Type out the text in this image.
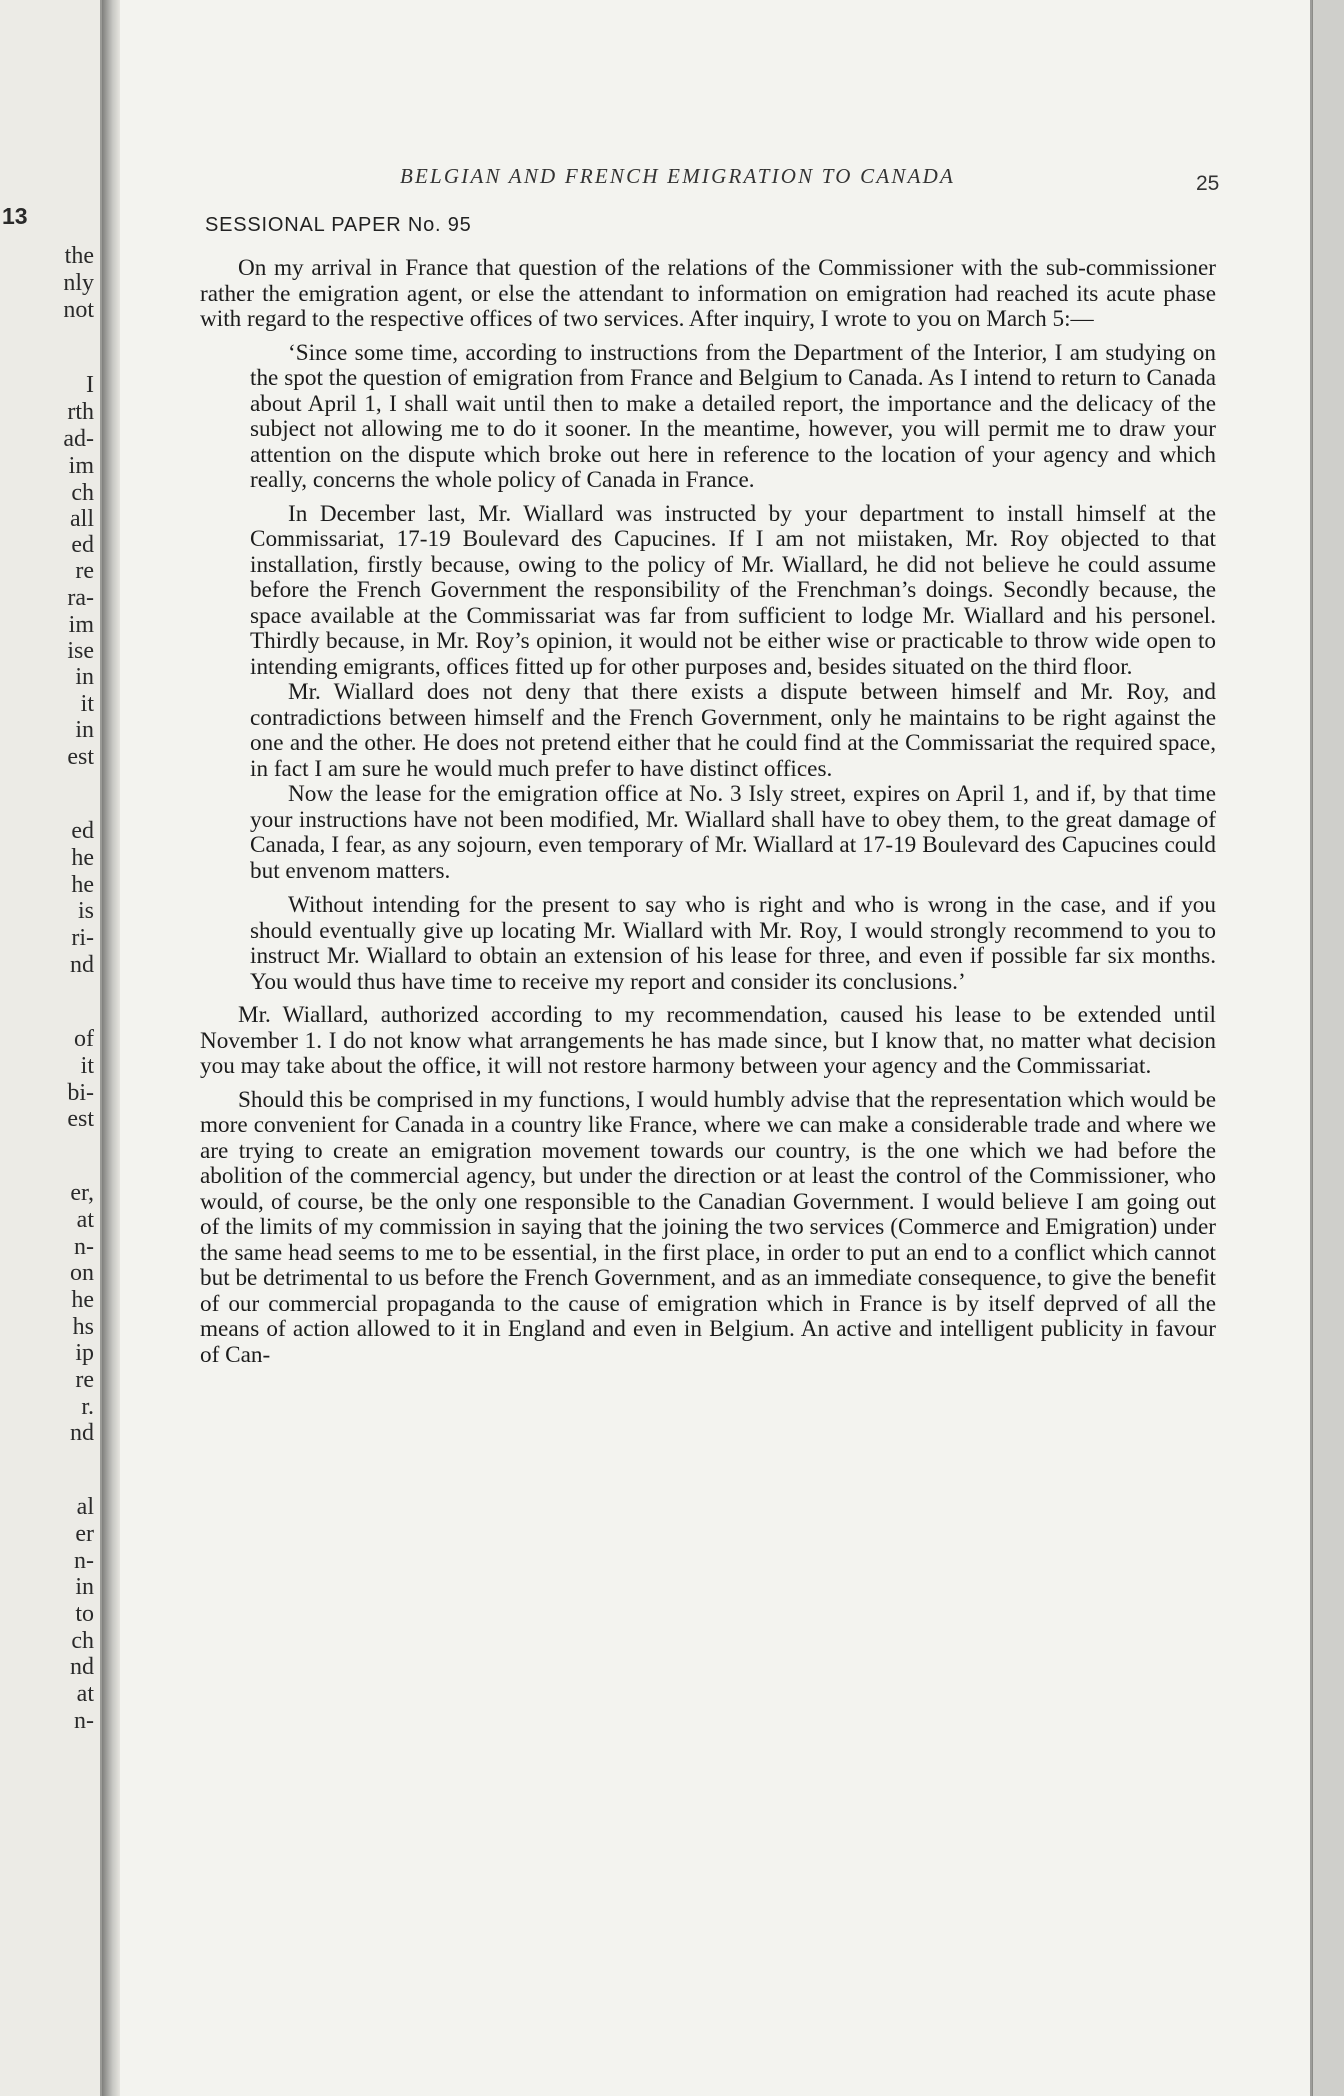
13
the
nly
not
I
rth
ad-
im
ch
all
ed
re
ra-
im
ise
in
it
in
est
ed
he
he
is
ri-
nd
of
it
bi-
est
er,
at
n-
on
he
hs
ip
re
r.
nd
al
er
n-
in
to
ch
nd
at
n-
BELGIAN AND FRENCH EMIGRATION TO CANADA	25
SESSIONAL PAPER No. 95

On my arrival in France that question of the relations of the Commissioner with the sub-commissioner rather the emigration agent, or else the attendant to information on emigration had reached its acute phase with regard to the respective offices of two services. After inquiry, I wrote to you on March 5:—

‘Since some time, according to instructions from the Department of the Interior, I am studying on the spot the question of emigration from France and Belgium to Canada. As I intend to return to Canada about April 1, I shall wait until then to make a detailed report, the importance and the delicacy of the subject not allowing me to do it sooner. In the meantime, however, you will permit me to draw your attention on the dispute which broke out here in reference to the location of your agency and which really, concerns the whole policy of Canada in France.

In December last, Mr. Wiallard was instructed by your department to install himself at the Commissariat, 17-19 Boulevard des Capucines. If I am not miistaken, Mr. Roy objected to that installation, firstly because, owing to the policy of Mr. Wiallard, he did not believe he could assume before the French Government the responsibility of the Frenchman’s doings. Secondly because, the space available at the Commissariat was far from sufficient to lodge Mr. Wiallard and his personel. Thirdly because, in Mr. Roy’s opinion, it would not be either wise or practicable to throw wide open to intending emigrants, offices fitted up for other purposes and, besides situated on the third floor.

Mr. Wiallard does not deny that there exists a dispute between himself and Mr. Roy, and contradictions between himself and the French Government, only he maintains to be right against the one and the other. He does not pretend either that he could find at the Commissariat the required space, in fact I am sure he would much prefer to have distinct offices.

Now the lease for the emigration office at No. 3 Isly street, expires on April 1, and if, by that time your instructions have not been modified, Mr. Wiallard shall have to obey them, to the great damage of Canada, I fear, as any sojourn, even temporary of Mr. Wiallard at 17-19 Boulevard des Capucines could but envenom matters.

Without intending for the present to say who is right and who is wrong in the case, and if you should eventually give up locating Mr. Wiallard with Mr. Roy, I would strongly recommend to you to instruct Mr. Wiallard to obtain an extension of his lease for three, and even if possible far six months. You would thus have time to receive my report and consider its conclusions.’

Mr. Wiallard, authorized according to my recommendation, caused his lease to be extended until November 1. I do not know what arrangements he has made since, but I know that, no matter what decision you may take about the office, it will not restore harmony between your agency and the Commissariat.

Should this be comprised in my functions, I would humbly advise that the representation which would be more convenient for Canada in a country like France, where we can make a considerable trade and where we are trying to create an emigration movement towards our country, is the one which we had before the abolition of the commercial agency, but under the direction or at least the control of the Commissioner, who would, of course, be the only one responsible to the Canadian Government. I would believe I am going out of the limits of my commission in saying that the joining the two services (Commerce and Emigration) under the same head seems to me to be essential, in the first place, in order to put an end to a conflict which cannot but be detrimental to us before the French Government, and as an immediate consequence, to give the benefit of our commercial propaganda to the cause of emigration which in France is by itself deprved of all the means of action allowed to it in England and even in Belgium. An active and intelligent publicity in favour of Can-
